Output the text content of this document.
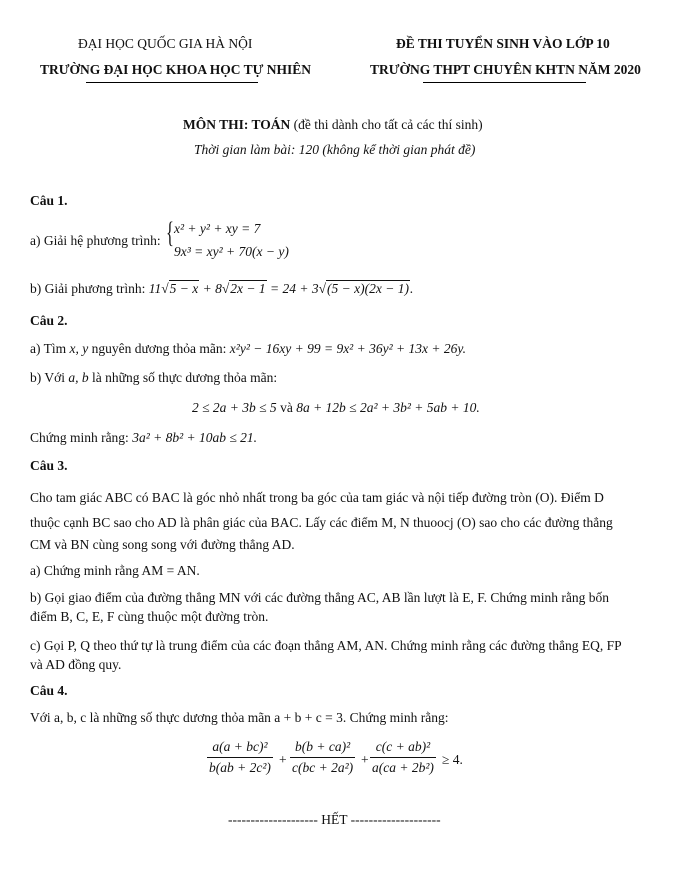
ĐẠI HỌC QUỐC GIA HÀ NỘI
TRƯỜNG ĐẠI HỌC KHOA HỌC TỰ NHIÊN
ĐỀ THI TUYỂN SINH VÀO LỚP 10
TRƯỜNG THPT CHUYÊN KHTN NĂM 2020
MÔN THI: TOÁN (đề thi dành cho tất cả các thí sinh)
Thời gian làm bài: 120 (không kể thời gian phát đề)
Câu 1.
a) Giải hệ phương trình: { x² + y² + xy = 7
9x³ = xy² + 70(x − y)
b) Giải phương trình: 11√5 − x + 8√2x − 1 = 24 + 3√(5 − x)(2x − 1).
Câu 2.
a) Tìm x, y nguyên dương thỏa mãn: x²y² − 16xy + 99 = 9x² + 36y² + 13x + 26y.
b) Với a, b là những số thực dương thỏa mãn:
2 ≤ 2a + 3b ≤ 5 và 8a + 12b ≤ 2a² + 3b² + 5ab + 10.
Chứng minh rằng: 3a² + 8b² + 10ab ≤ 21.
Câu 3.
Cho tam giác ABC có BAC là góc nhỏ nhất trong ba góc của tam giác và nội tiếp đường tròn (O). Điểm D
thuộc cạnh BC sao cho AD là phân giác của BAC. Lấy các điểm M, N thuoocj (O) sao cho các đường thẳng
CM và BN cùng song song với đường thẳng AD.
a) Chứng minh rằng AM = AN.
b) Gọi giao điểm của đường thẳng MN với các đường thẳng AC, AB lần lượt là E, F. Chứng minh rằng bốn
điểm B, C, E, F cùng thuộc một đường tròn.
c) Gọi P, Q theo thứ tự là trung điểm của các đoạn thẳng AM, AN. Chứng minh rằng các đường thẳng EQ, FP
và AD đồng quy.
Câu 4.
Với a, b, c là những số thực dương thỏa mãn a + b + c = 3. Chứng minh rằng:
$\frac{\text{a(a + bc)²}}{\text{b(ab + 2c²)}} + \frac{\text{b(b + ca)²}}{\text{c(bc + 2a²)}} + \frac{\text{c(c + ab)²}}{\text{a(ca + 2b²)}} \ge 4$.
-------------------- HẾT --------------------
